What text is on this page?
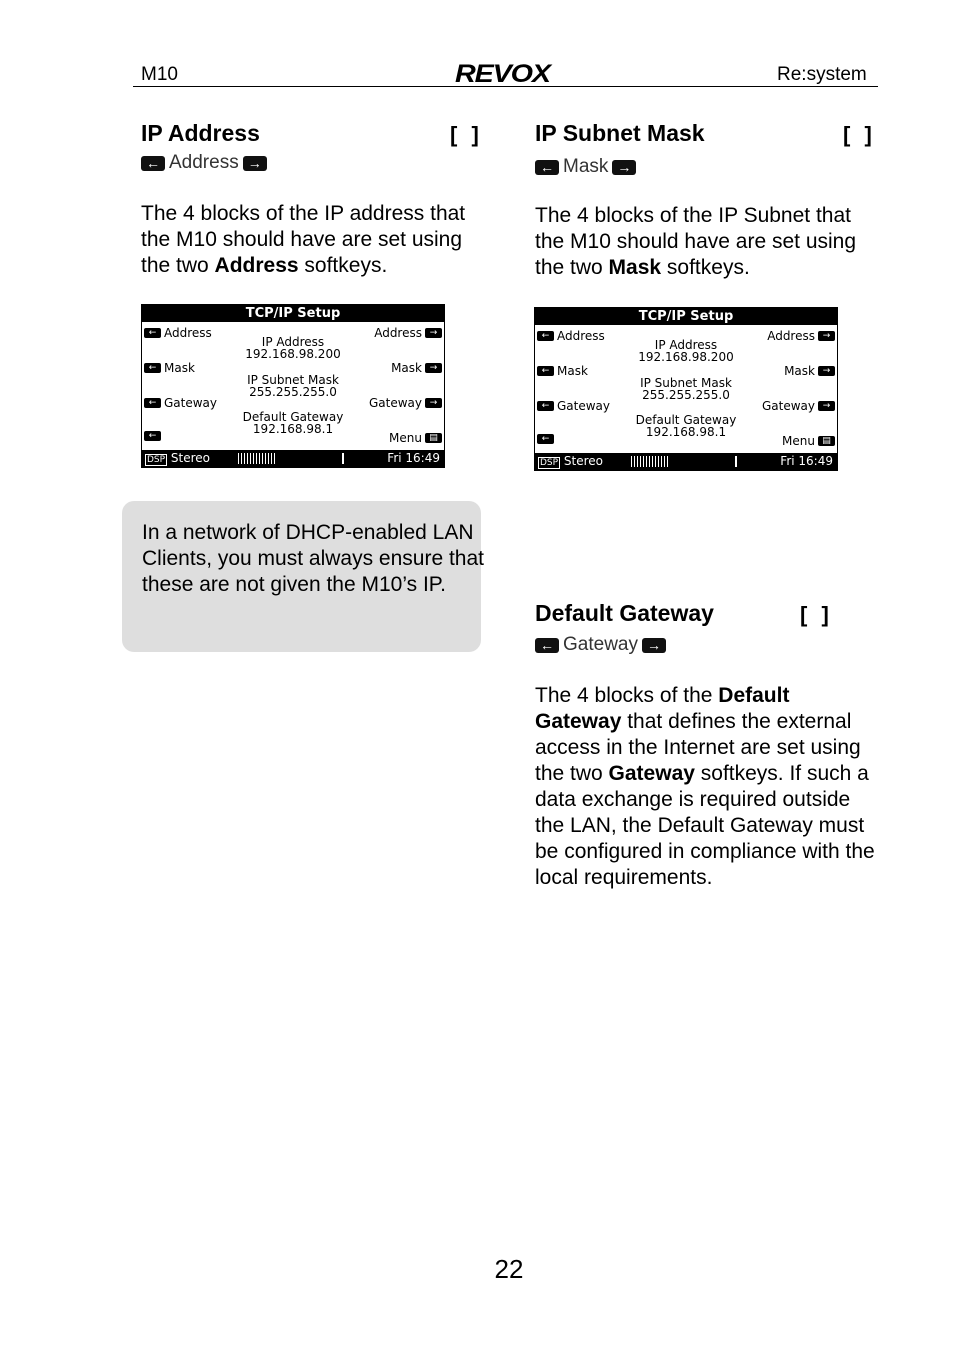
M10	REVOX	Re:system
IP Address	[ ]
← Address →

The 4 blocks of the IP address that the M10 should have are set using the two Address softkeys.

TCP/IP Setup
← Address
← Mask
← Gateway
←
Address →
Mask →
Gateway →
Menu ▤
IP Address
192.168.98.200
IP Subnet Mask
255.255.255.0
Default Gateway
192.168.98.1
DSP Stereo	Fri 16:49

In a network of DHCP-enabled LAN Clients, you must always ensure that these are not given the M10’s IP.

IP Subnet Mask	[ ]
← Mask →

The 4 blocks of the IP Subnet that the M10 should have are set using the two Mask softkeys.

TCP/IP Setup
← Address
← Mask
← Gateway
←
Address →
Mask →
Gateway →
Menu ▤
IP Address
192.168.98.200
IP Subnet Mask
255.255.255.0
Default Gateway
192.168.98.1
DSP Stereo	Fri 16:49
Default Gateway	[ ]
← Gateway →

The 4 blocks of the Default Gateway that defines the external access in the Internet are set using the two Gateway softkeys. If such a data exchange is required outside the LAN, the Default Gateway must be configured in compliance with the local requirements.

22
